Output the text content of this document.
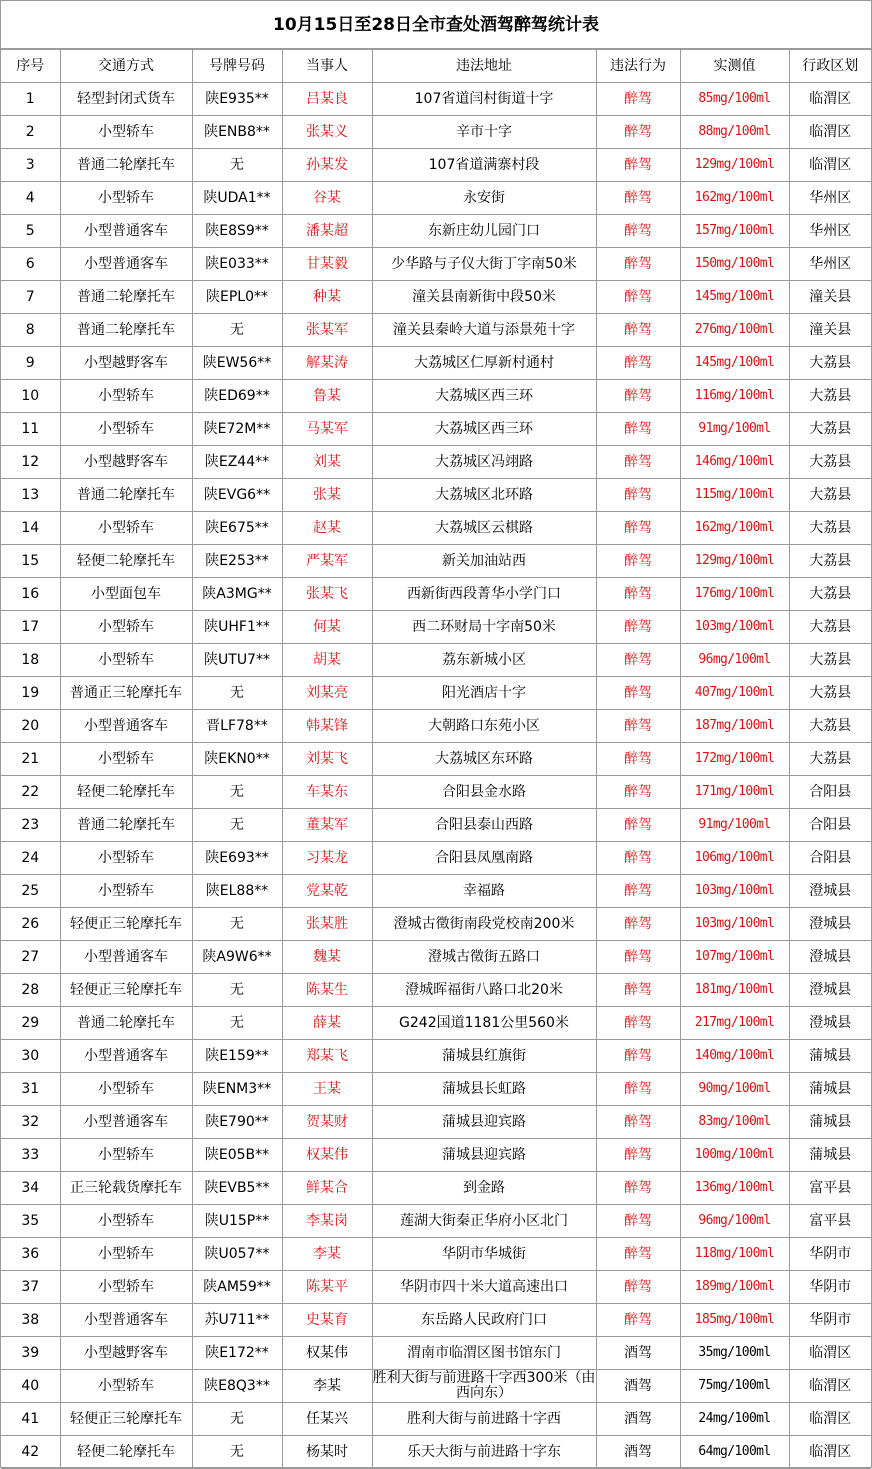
10月15日至28日全市查处酒驾醉驾统计表
序号	交通方式	号牌号码	当事人	违法地址	违法行为	实测值	行政区划
1	轻型封闭式货车	陕E935**	吕某良	107省道闫村街道十字	醉驾	85mg/100ml	临渭区
2	小型轿车	陕ENB8**	张某义	辛市十字	醉驾	88mg/100ml	临渭区
3	普通二轮摩托车	无	孙某发	107省道满寨村段	醉驾	129mg/100ml	临渭区
4	小型轿车	陕UDA1**	谷某	永安街	醉驾	162mg/100ml	华州区
5	小型普通客车	陕E8S9**	潘某超	东新庄幼儿园门口	醉驾	157mg/100ml	华州区
6	小型普通客车	陕E033**	甘某毅	少华路与子仪大街丁字南50米	醉驾	150mg/100ml	华州区
7	普通二轮摩托车	陕EPL0**	种某	潼关县南新街中段50米	醉驾	145mg/100ml	潼关县
8	普通二轮摩托车	无	张某军	潼关县秦岭大道与添景苑十字	醉驾	276mg/100ml	潼关县
9	小型越野客车	陕EW56**	解某涛	大荔城区仁厚新村通村	醉驾	145mg/100ml	大荔县
10	小型轿车	陕ED69**	鲁某	大荔城区西三环	醉驾	116mg/100ml	大荔县
11	小型轿车	陕E72M**	马某军	大荔城区西三环	醉驾	91mg/100ml	大荔县
12	小型越野客车	陕EZ44**	刘某	大荔城区冯翊路	醉驾	146mg/100ml	大荔县
13	普通二轮摩托车	陕EVG6**	张某	大荔城区北环路	醉驾	115mg/100ml	大荔县
14	小型轿车	陕E675**	赵某	大荔城区云棋路	醉驾	162mg/100ml	大荔县
15	轻便二轮摩托车	陕E253**	严某军	新关加油站西	醉驾	129mg/100ml	大荔县
16	小型面包车	陕A3MG**	张某飞	西新街西段菁华小学门口	醉驾	176mg/100ml	大荔县
17	小型轿车	陕UHF1**	何某	西二环财局十字南50米	醉驾	103mg/100ml	大荔县
18	小型轿车	陕UTU7**	胡某	荔东新城小区	醉驾	96mg/100ml	大荔县
19	普通正三轮摩托车	无	刘某亮	阳光酒店十字	醉驾	407mg/100ml	大荔县
20	小型普通客车	晋LF78**	韩某锋	大朝路口东苑小区	醉驾	187mg/100ml	大荔县
21	小型轿车	陕EKN0**	刘某飞	大荔城区东环路	醉驾	172mg/100ml	大荔县
22	轻便二轮摩托车	无	车某东	合阳县金水路	醉驾	171mg/100ml	合阳县
23	普通二轮摩托车	无	董某军	合阳县泰山西路	醉驾	91mg/100ml	合阳县
24	小型轿车	陕E693**	习某龙	合阳县凤凰南路	醉驾	106mg/100ml	合阳县
25	小型轿车	陕EL88**	党某乾	幸福路	醉驾	103mg/100ml	澄城县
26	轻便正三轮摩托车	无	张某胜	澄城古徵街南段党校南200米	醉驾	103mg/100ml	澄城县
27	小型普通客车	陕A9W6**	魏某	澄城古徵街五路口	醉驾	107mg/100ml	澄城县
28	轻便正三轮摩托车	无	陈某生	澄城晖福街八路口北20米	醉驾	181mg/100ml	澄城县
29	普通二轮摩托车	无	薛某	G242国道1181公里560米	醉驾	217mg/100ml	澄城县
30	小型普通客车	陕E159**	郑某飞	蒲城县红旗街	醉驾	140mg/100ml	蒲城县
31	小型轿车	陕ENM3**	王某	蒲城县长虹路	醉驾	90mg/100ml	蒲城县
32	小型普通客车	陕E790**	贺某财	蒲城县迎宾路	醉驾	83mg/100ml	蒲城县
33	小型轿车	陕E05B**	权某伟	蒲城县迎宾路	醉驾	100mg/100ml	蒲城县
34	正三轮载货摩托车	陕EVB5**	鲜某合	到金路	醉驾	136mg/100ml	富平县
35	小型轿车	陕U15P**	李某岗	莲湖大街秦正华府小区北门	醉驾	96mg/100ml	富平县
36	小型轿车	陕U057**	李某	华阴市华城街	醉驾	118mg/100ml	华阴市
37	小型轿车	陕AM59**	陈某平	华阴市四十米大道高速出口	醉驾	189mg/100ml	华阴市
38	小型普通客车	苏U711**	史某育	东岳路人民政府门口	醉驾	185mg/100ml	华阴市
39	小型越野客车	陕E172**	权某伟	渭南市临渭区图书馆东门	酒驾	35mg/100ml	临渭区
40	小型轿车	陕E8Q3**	李某	胜利大街与前进路十字西300米（由西向东）	酒驾	75mg/100ml	临渭区
41	轻便正三轮摩托车	无	任某兴	胜利大街与前进路十字西	酒驾	24mg/100ml	临渭区
42	轻便二轮摩托车	无	杨某时	乐天大街与前进路十字东	酒驾	64mg/100ml	临渭区
